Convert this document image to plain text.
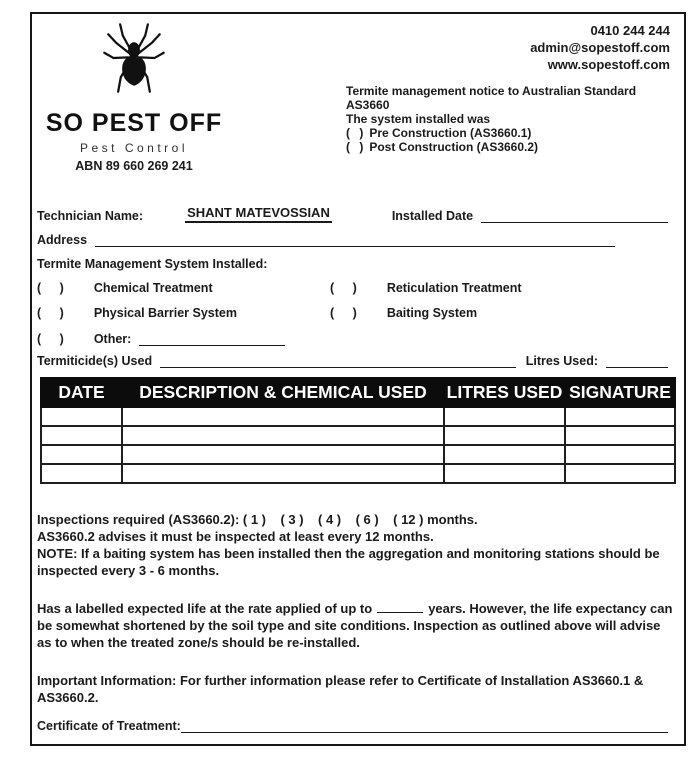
SO PEST OFF
Pest Control
ABN 89 660 269 241
0410 244 244
admin@sopestoff.com
www.sopestoff.com
Termite management notice to Australian Standard
AS3660
The system installed was
( ) Pre Construction (AS3660.1)
( ) Post Construction (AS3660.2)
Technician Name:	SHANT MATEVOSSIAN	Installed Date
Address
Termite Management System Installed:
( ) Chemical Treatment	( ) Reticulation Treatment
( ) Physical Barrier System	( ) Baiting System
( ) Other:
Termiticide(s) Used	Litres Used:
DATE	DESCRIPTION & CHEMICAL USED	LITRES USED	SIGNATURE

Inspections required (AS3660.2): ( 1 )    ( 3 )    ( 4 )    ( 6 )    ( 12 ) months.
AS3660.2 advises it must be inspected at least every 12 months.
NOTE: If a baiting system has been installed then the aggregation and monitoring stations should be inspected every 3 - 6 months.
Has a labelled expected life at the rate applied of up to	years. However, the life expectancy can be somewhat shortened by the soil type and site conditions. Inspection as outlined above will advise as to when the treated zone/s should be re-installed.
Important Information: For further information please refer to Certificate of Installation AS3660.1 & AS3660.2.
Certificate of Treatment:
